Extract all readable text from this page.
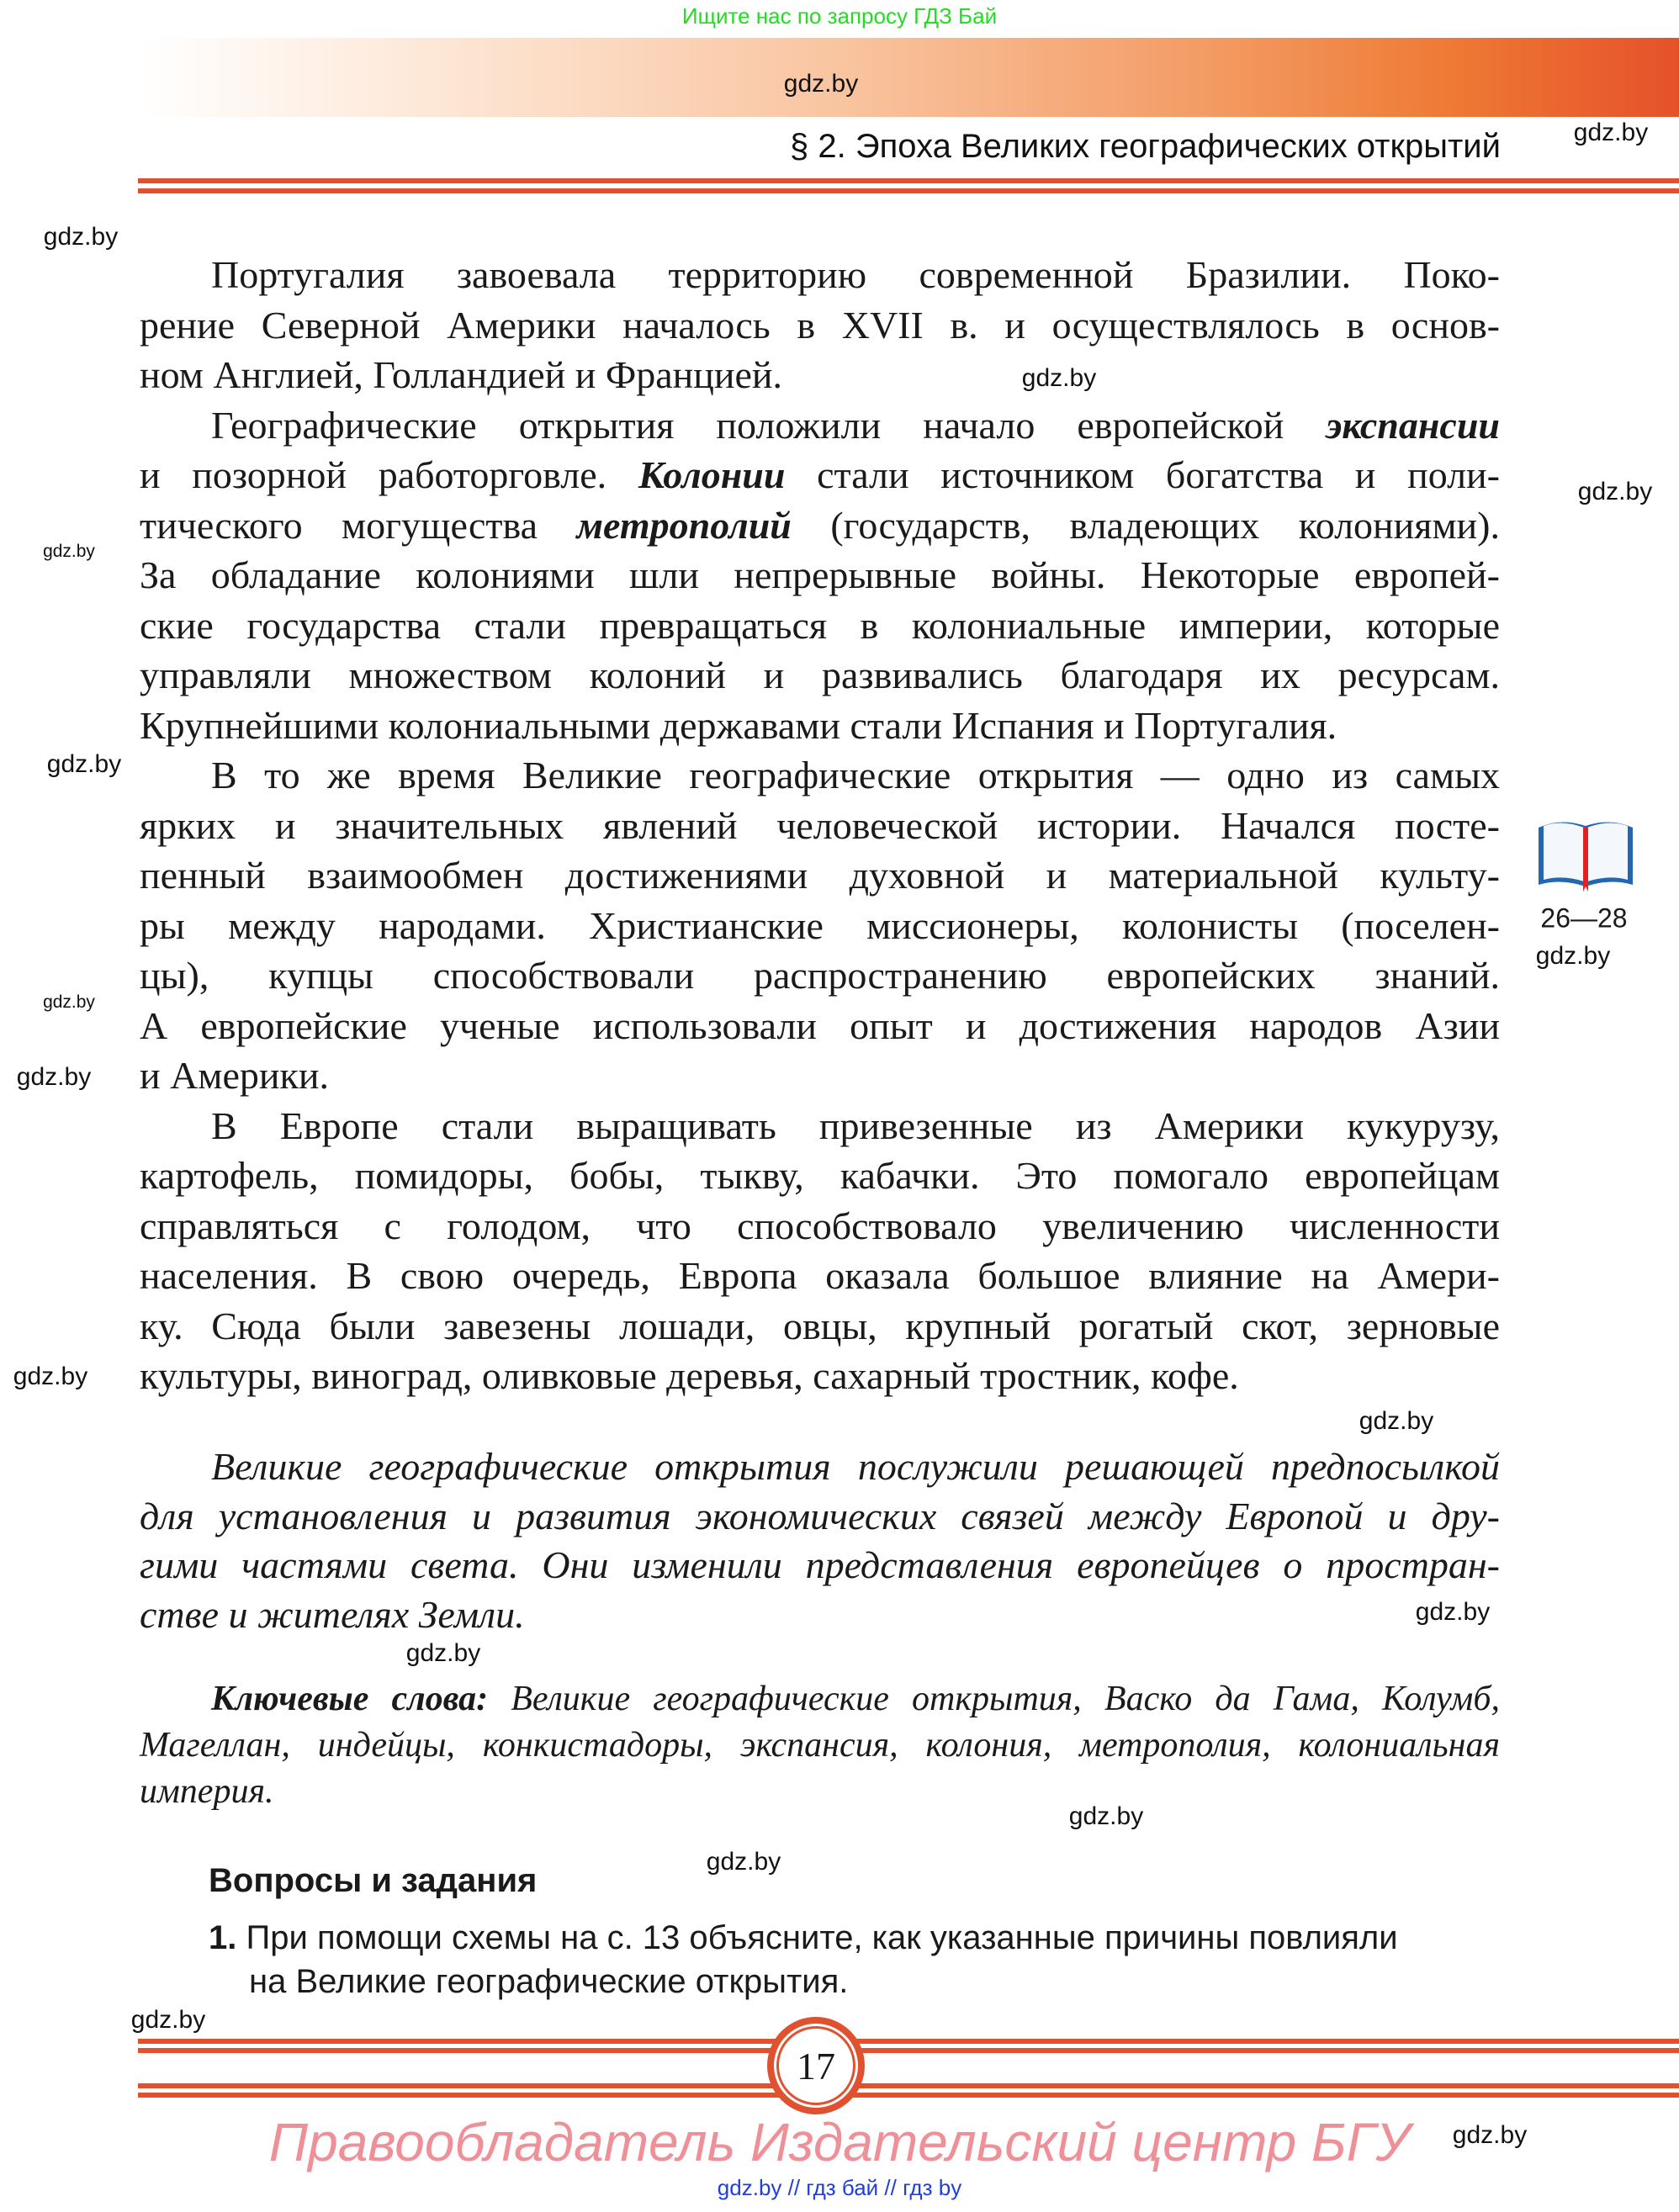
Ищите нас по запросу ГДЗ Бай
§ 2. Эпоха Великих географических открытий
Португалия завоевала территорию современной Бразилии. Поко-
рение Северной Америки началось в XVII в. и осуществлялось в основ-
ном Англией, Голландией и Францией.
Географические открытия положили начало европейской экспансии
и позорной работорговле. Колонии стали источником богатства и поли-
тического могущества метрополий (государств, владеющих колониями).
За обладание колониями шли непрерывные войны. Некоторые европей-
ские государства стали превращаться в колониальные империи, которые
управляли множеством колоний и развивались благодаря их ресурсам.
Крупнейшими колониальными державами стали Испания и Португалия.
В то же время Великие географические открытия — одно из самых
ярких и значительных явлений человеческой истории. Начался посте-
пенный взаимообмен достижениями духовной и материальной культу-
ры между народами. Христианские миссионеры, колонисты (поселен-
цы), купцы способствовали распространению европейских знаний.
А европейские ученые использовали опыт и достижения народов Азии
и Америки.
В Европе стали выращивать привезенные из Америки кукурузу,
картофель, помидоры, бобы, тыкву, кабачки. Это помогало европейцам
справляться с голодом, что способствовало увеличению численности
населения. В свою очередь, Европа оказала большое влияние на Амери-
ку. Сюда были завезены лошади, овцы, крупный рогатый скот, зерновые
культуры, виноград, оливковые деревья, сахарный тростник, кофе.
Великие географические открытия послужили решающей предпосылкой
для установления и развития экономических связей между Европой и дру-
гими частями света. Они изменили представления европейцев о простран-
стве и жителях Земли.
Ключевые слова: Великие географические открытия, Васко да Гама, Колумб,
Магеллан, индейцы, конкистадоры, экспансия, колония, метрополия, колониальная
империя.
Вопросы и задания
1. При помощи схемы на с. 13 объясните, как указанные причины повлияли
на Великие географические открытия.
26—28
17
Правообладатель Издательский центр БГУ
gdz.by // гдз бай // гдз by
gdz.by
gdz.by
gdz.by
gdz.by
gdz.by
gdz.by
gdz.by
gdz.by
gdz.by
gdz.by
gdz.by
gdz.by
gdz.by
gdz.by
gdz.by
gdz.by
gdz.by
gdz.by
